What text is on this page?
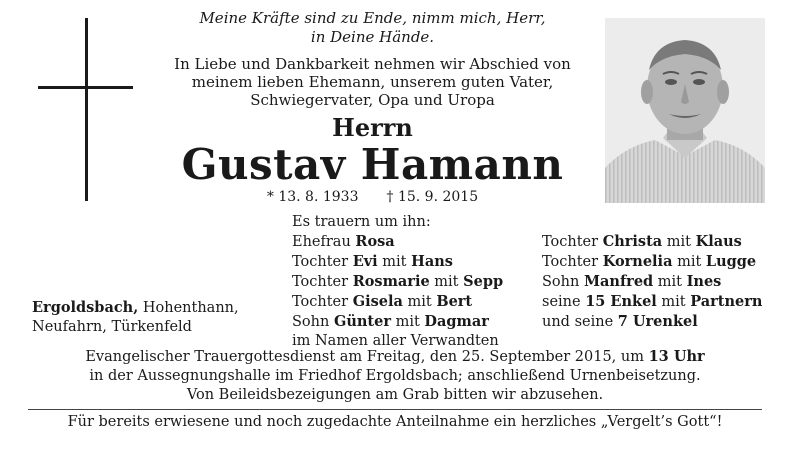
Meine Kräfte sind zu Ende, nimm mich, Herr,
in Deine Hände.
In Liebe und Dankbarkeit nehmen wir Abschied von
meinem lieben Ehemann, unserem guten Vater,
Schwiegervater, Opa und Uropa
Herrn
Gustav Hamann
* 13. 8. 1933 † 15. 9. 2015
Es trauern um ihn:
Ehefrau Rosa
Tochter Evi mit Hans
Tochter Rosmarie mit Sepp
Tochter Gisela mit Bert
Sohn Günter mit Dagmar
im Namen aller Verwandten
Tochter Christa mit Klaus
Tochter Kornelia mit Lugge
Sohn Manfred mit Ines
seine 15 Enkel mit Partnern
und seine 7 Urenkel
Ergoldsbach, Hohenthann,
Neufahrn, Türkenfeld
Evangelischer Trauergottesdienst am Freitag, den 25. September 2015, um 13 Uhr
in der Aussegnungshalle im Friedhof Ergoldsbach; anschließend Urnenbeisetzung.
Von Beileidsbezeigungen am Grab bitten wir abzusehen.
Für bereits erwiesene und noch zugedachte Anteilnahme ein herzliches „Vergelt’s Gott“!
